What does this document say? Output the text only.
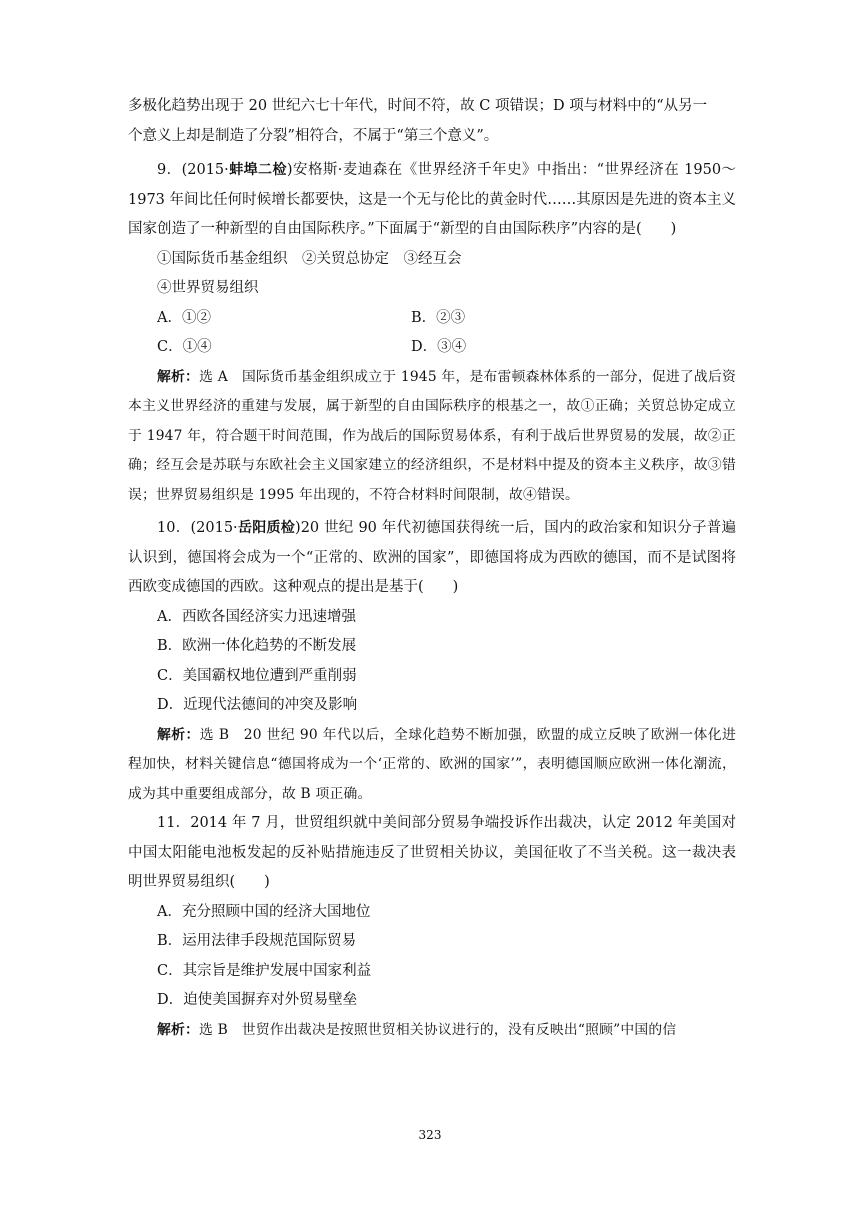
多极化趋势出现于 20 世纪六七十年代，时间不符，故 C 项错误；D 项与材料中的“从另一
个意义上却是制造了分裂”相符合，不属于“第三个意义”。

9．(2015·蚌埠二检)安格斯·麦迪森在《世界经济千年史》中指出：“世界经济在 1950～1973 年间比任何时候增长都要快，这是一个无与伦比的黄金时代……其原因是先进的资本主义国家创造了一种新型的自由国际秩序。”下面属于“新型的自由国际秩序”内容的是(　　)

①国际货币基金组织　②关贸总协定　③经互会

④世界贸易组织

A．①②	B．②③
C．①④	D．③④

解析：选 A　国际货币基金组织成立于 1945 年，是布雷顿森林体系的一部分，促进了战后资本主义世界经济的重建与发展，属于新型的自由国际秩序的根基之一，故①正确；关贸总协定成立于 1947 年，符合题干时间范围，作为战后的国际贸易体系，有利于战后世界贸易的发展，故②正确；经互会是苏联与东欧社会主义国家建立的经济组织，不是材料中提及的资本主义秩序，故③错误；世界贸易组织是 1995 年出现的，不符合材料时间限制，故④错误。

10．(2015·岳阳质检)20 世纪 90 年代初德国获得统一后，国内的政治家和知识分子普遍认识到，德国将会成为一个“正常的、欧洲的国家”，即德国将成为西欧的德国，而不是试图将西欧变成德国的西欧。这种观点的提出是基于(　　)

A．西欧各国经济实力迅速增强

B．欧洲一体化趋势的不断发展

C．美国霸权地位遭到严重削弱

D．近现代法德间的冲突及影响

解析：选 B　20 世纪 90 年代以后，全球化趋势不断加强，欧盟的成立反映了欧洲一体化进程加快，材料关键信息“德国将成为一个‘正常的、欧洲的国家’”，表明德国顺应欧洲一体化潮流，成为其中重要组成部分，故 B 项正确。

11．2014 年 7 月，世贸组织就中美间部分贸易争端投诉作出裁决，认定 2012 年美国对中国太阳能电池板发起的反补贴措施违反了世贸相关协议，美国征收了不当关税。这一裁决表明世界贸易组织(　　)

A．充分照顾中国的经济大国地位

B．运用法律手段规范国际贸易

C．其宗旨是维护发展中国家利益

D．迫使美国摒弃对外贸易壁垒

解析：选 B　世贸作出裁决是按照世贸相关协议进行的，没有反映出“照顾”中国的信

323
